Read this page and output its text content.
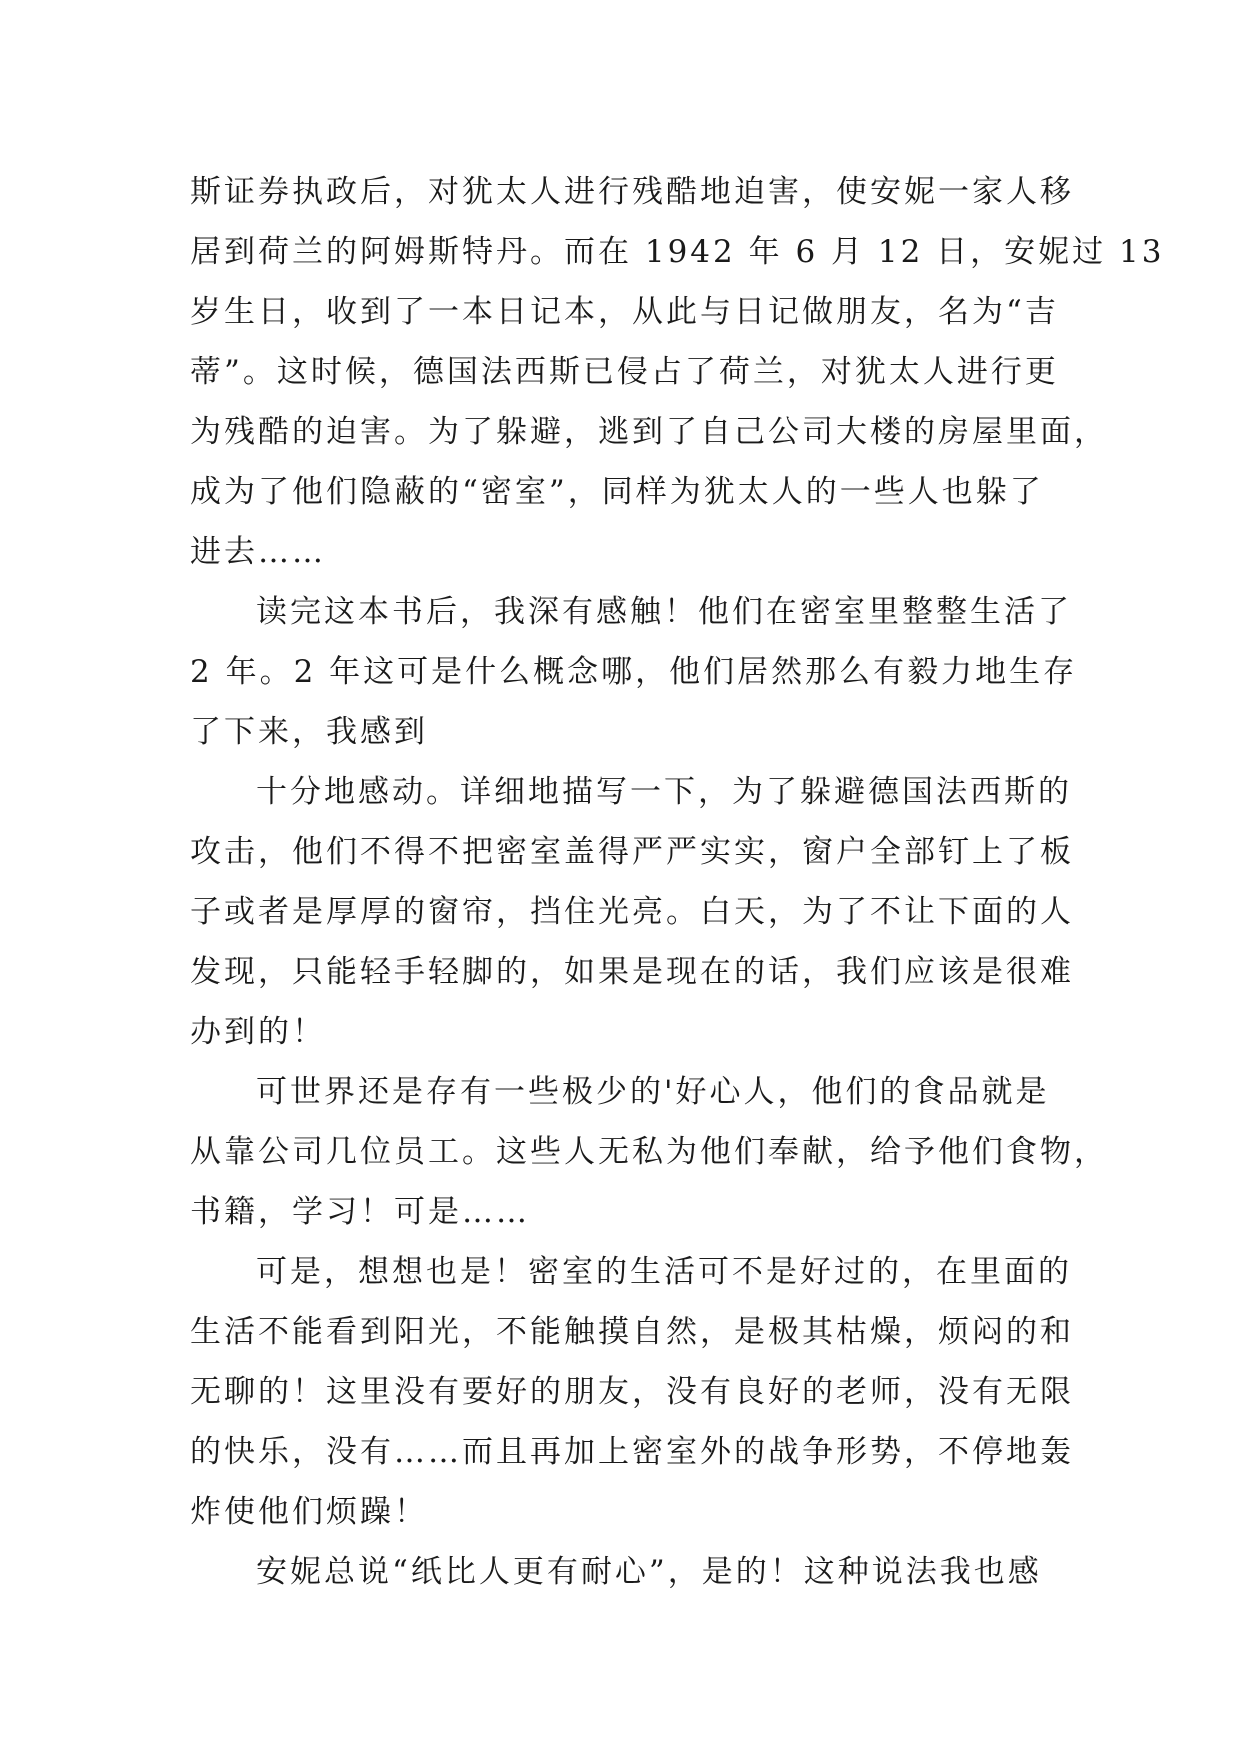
斯证券执政后，对犹太人进行残酷地迫害，使安妮一家人移
居到荷兰的阿姆斯特丹。而在 1942 年 6 月 12 日，安妮过 13
岁生日，收到了一本日记本，从此与日记做朋友，名为“吉
蒂”。这时候，德国法西斯已侵占了荷兰，对犹太人进行更
为残酷的迫害。为了躲避，逃到了自己公司大楼的房屋里面，
成为了他们隐蔽的“密室”，同样为犹太人的一些人也躲了
进去……
读完这本书后，我深有感触！他们在密室里整整生活了
2 年。2 年这可是什么概念哪，他们居然那么有毅力地生存
了下来，我感到
十分地感动。详细地描写一下，为了躲避德国法西斯的
攻击，他们不得不把密室盖得严严实实，窗户全部钉上了板
子或者是厚厚的窗帘，挡住光亮。白天，为了不让下面的人
发现，只能轻手轻脚的，如果是现在的话，我们应该是很难
办到的！
可世界还是存有一些极少的'好心人，他们的食品就是
从靠公司几位员工。这些人无私为他们奉献，给予他们食物，
书籍，学习！可是……
可是，想想也是！密室的生活可不是好过的，在里面的
生活不能看到阳光，不能触摸自然，是极其枯燥，烦闷的和
无聊的！这里没有要好的朋友，没有良好的老师，没有无限
的快乐，没有……而且再加上密室外的战争形势，不停地轰
炸使他们烦躁！
安妮总说“纸比人更有耐心”，是的！这种说法我也感
